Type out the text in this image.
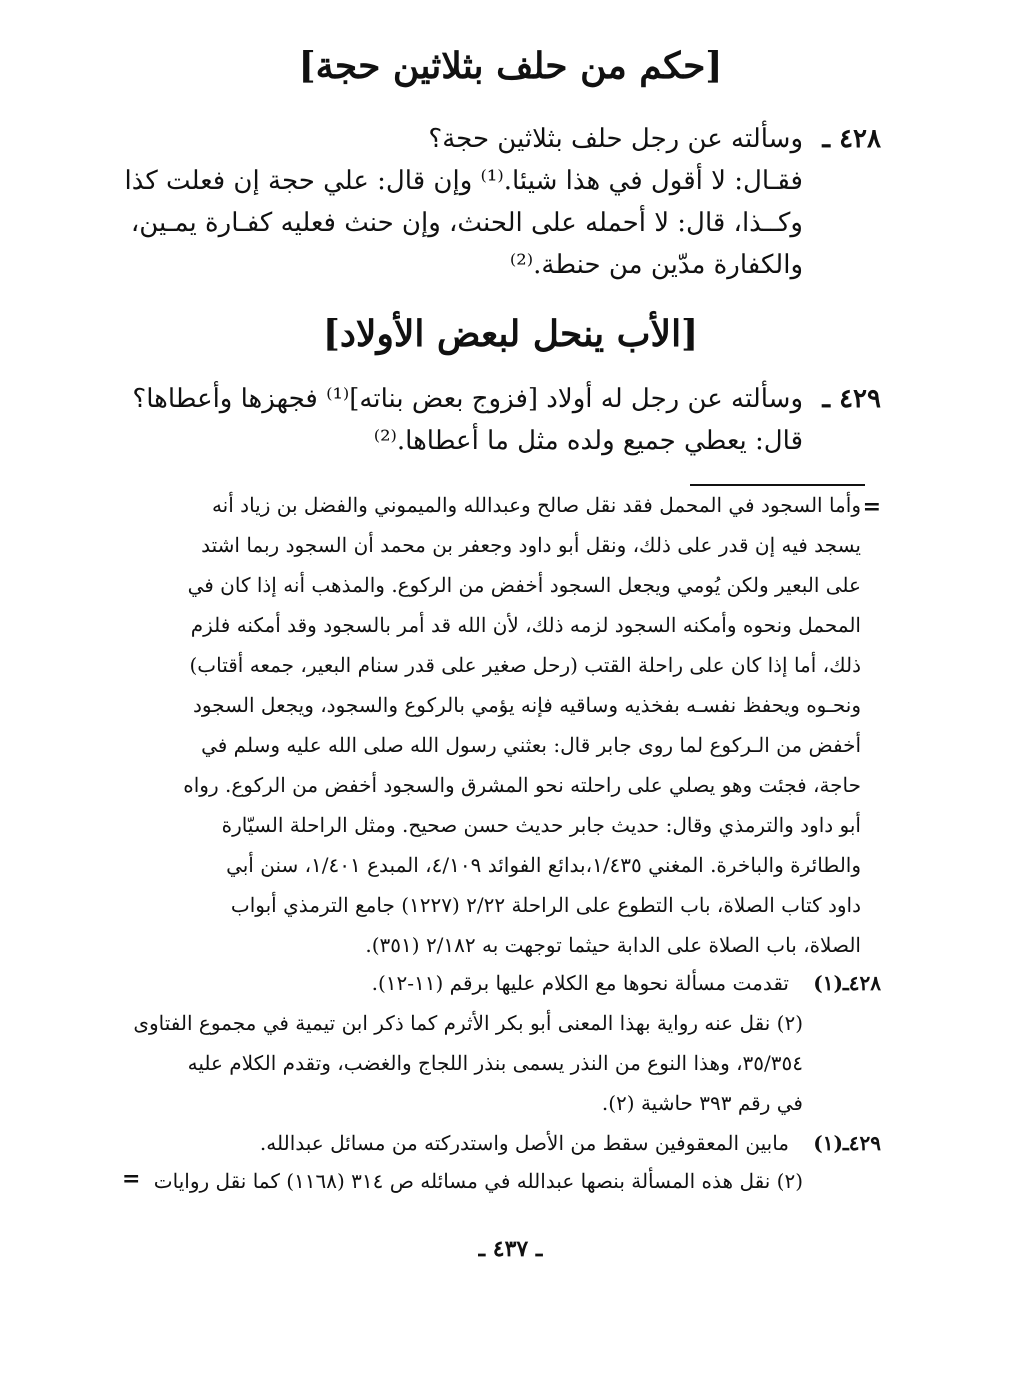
[حكم من حلف بثلاثين حجة]
٤٢٨ ـ
وسألته عن رجل حلف بثلاثين حجة؟
فقـال: لا أقول في هذا شيئا.⁽¹⁾ وإن قال: علي حجة إن فعلت كذا
وكــذا، قال: لا أحمله على الحنث، وإن حنث فعليه كفـارة يمـين،
والكفارة مدّين من حنطة.⁽²⁾
[الأب ينحل لبعض الأولاد]
٤٢٩ ـ
وسألته عن رجل له أولاد [فزوج بعض بناته]⁽¹⁾ فجهزها وأعطاها؟
قال: يعطي جميع ولده مثل ما أعطاها.⁽²⁾
=
وأما السجود في المحمل فقد نقل صالح وعبدالله والميموني والفضل بن زياد أنه
يسجد فيه إن قدر على ذلك، ونقل أبو داود وجعفر بن محمد أن السجود ربما اشتد
على البعير ولكن يُومي ويجعل السجود أخفض من الركوع. والمذهب أنه إذا كان في
المحمل ونحوه وأمكنه السجود لزمه ذلك، لأن الله قد أمر بالسجود وقد أمكنه فلزم
ذلك، أما إذا كان على راحلة القتب (رحل صغير على قدر سنام البعير، جمعه أقتاب)
ونحـوه ويحفظ نفسـه بفخذيه وساقيه فإنه يؤمي بالركوع والسجود، ويجعل السجود
أخفض من الـركوع لما روى جابر قال: بعثني رسول الله صلى الله عليه وسلم في
حاجة، فجئت وهو يصلي على راحلته نحو المشرق والسجود أخفض من الركوع. رواه
أبو داود والترمذي وقال: حديث جابر حديث حسن صحيح. ومثل الراحلة السيّارة
والطائرة والباخرة. المغني ١/٤٣٥،بدائع الفوائد ٤/١٠٩، المبدع ١/٤٠١، سنن أبي
داود كتاب الصلاة، باب التطوع على الراحلة ٢/٢٢ (١٢٢٧) جامع الترمذي أبواب
الصلاة، باب الصلاة على الدابة حيثما توجهت به ٢/١٨٢ (٣٥١).
٤٢٨ـ(١)
تقدمت مسألة نحوها مع الكلام عليها برقم (١١-١٢).
(٢) نقل عنه رواية بهذا المعنى أبو بكر الأثرم كما ذكر ابن تيمية في مجموع الفتاوى
٣٥/٣٥٤، وهذا النوع من النذر يسمى بنذر اللجاج والغضب، وتقدم الكلام عليه
في رقم ٣٩٣ حاشية (٢).
٤٢٩ـ(١)
مابين المعقوفين سقط من الأصل واستدركته من مسائل عبدالله.
(٢) نقل هذه المسألة بنصها عبدالله في مسائله ص ٣١٤ (١١٦٨) كما نقل روايات
=
ـ ٤٣٧ ـ
